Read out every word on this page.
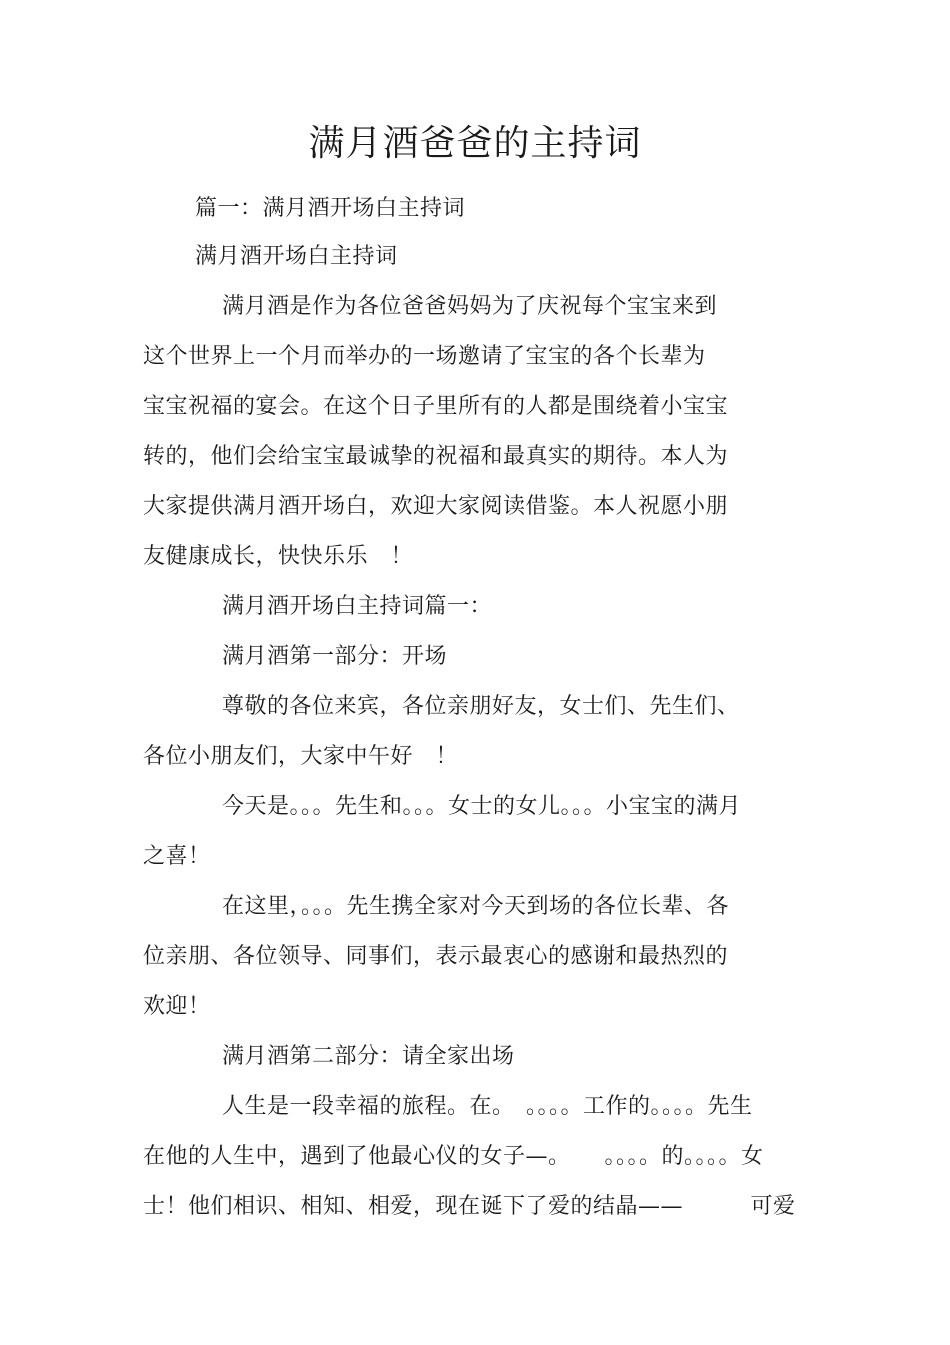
满月酒爸爸的主持词
篇一：满月酒开场白主持词
满月酒开场白主持词
满月酒是作为各位爸爸妈妈为了庆祝每个宝宝来到
这个世界上一个月而举办的一场邀请了宝宝的各个长辈为
宝宝祝福的宴会。在这个日子里所有的人都是围绕着小宝宝
转的，他们会给宝宝最诚挚的祝福和最真实的期待。本人为
大家提供满月酒开场白，欢迎大家阅读借鉴。本人祝愿小朋
友健康成长，快快乐乐　！
满月酒开场白主持词篇一：
满月酒第一部分：开场
尊敬的各位来宾，各位亲朋好友，女士们、先生们、
各位小朋友们，大家中午好　！
今天是。。。先生和。。。女士的女儿。。。小宝宝的满月
之喜！
在这里，。。。先生携全家对今天到场的各位长辈、各
位亲朋、各位领导、同事们，表示最衷心的感谢和最热烈的
欢迎！
满月酒第二部分：请全家出场
人生是一段幸福的旅程。在。　。。。。工作的。。。。先生
在他的人生中，遇到了他最心仪的女子—。　　。。。。的。。。。女
士！他们相识、相知、相爱，现在诞下了爱的结晶——　　　可爱
